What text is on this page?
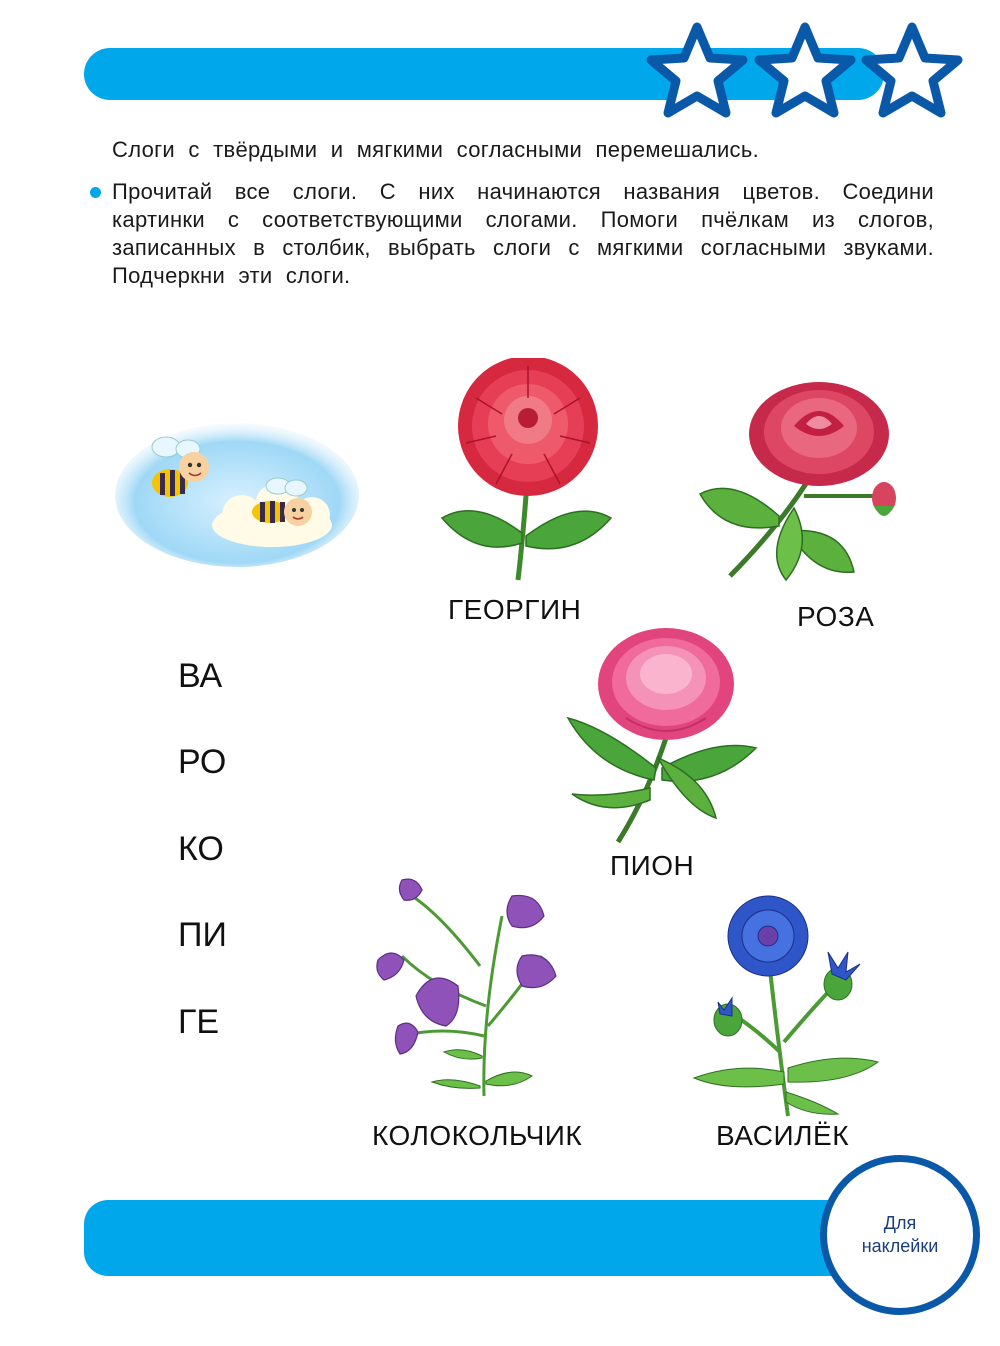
Слоги с твёрдыми и мягкими согласными перемешались.
Прочитай все слоги. С них начинаются названия цветов. Соедини картинки с соответствующими слогами. Помоги пчёлкам из слогов, записанных в столбик, выбрать слоги с мягкими согласными звуками. Подчеркни эти слоги.
ВА
РО
КО
ПИ
ГЕ
ГЕОРГИН	РОЗА
ПИОН
КОЛОКОЛЬЧИК	ВАСИЛЁК
Для
наклейки
